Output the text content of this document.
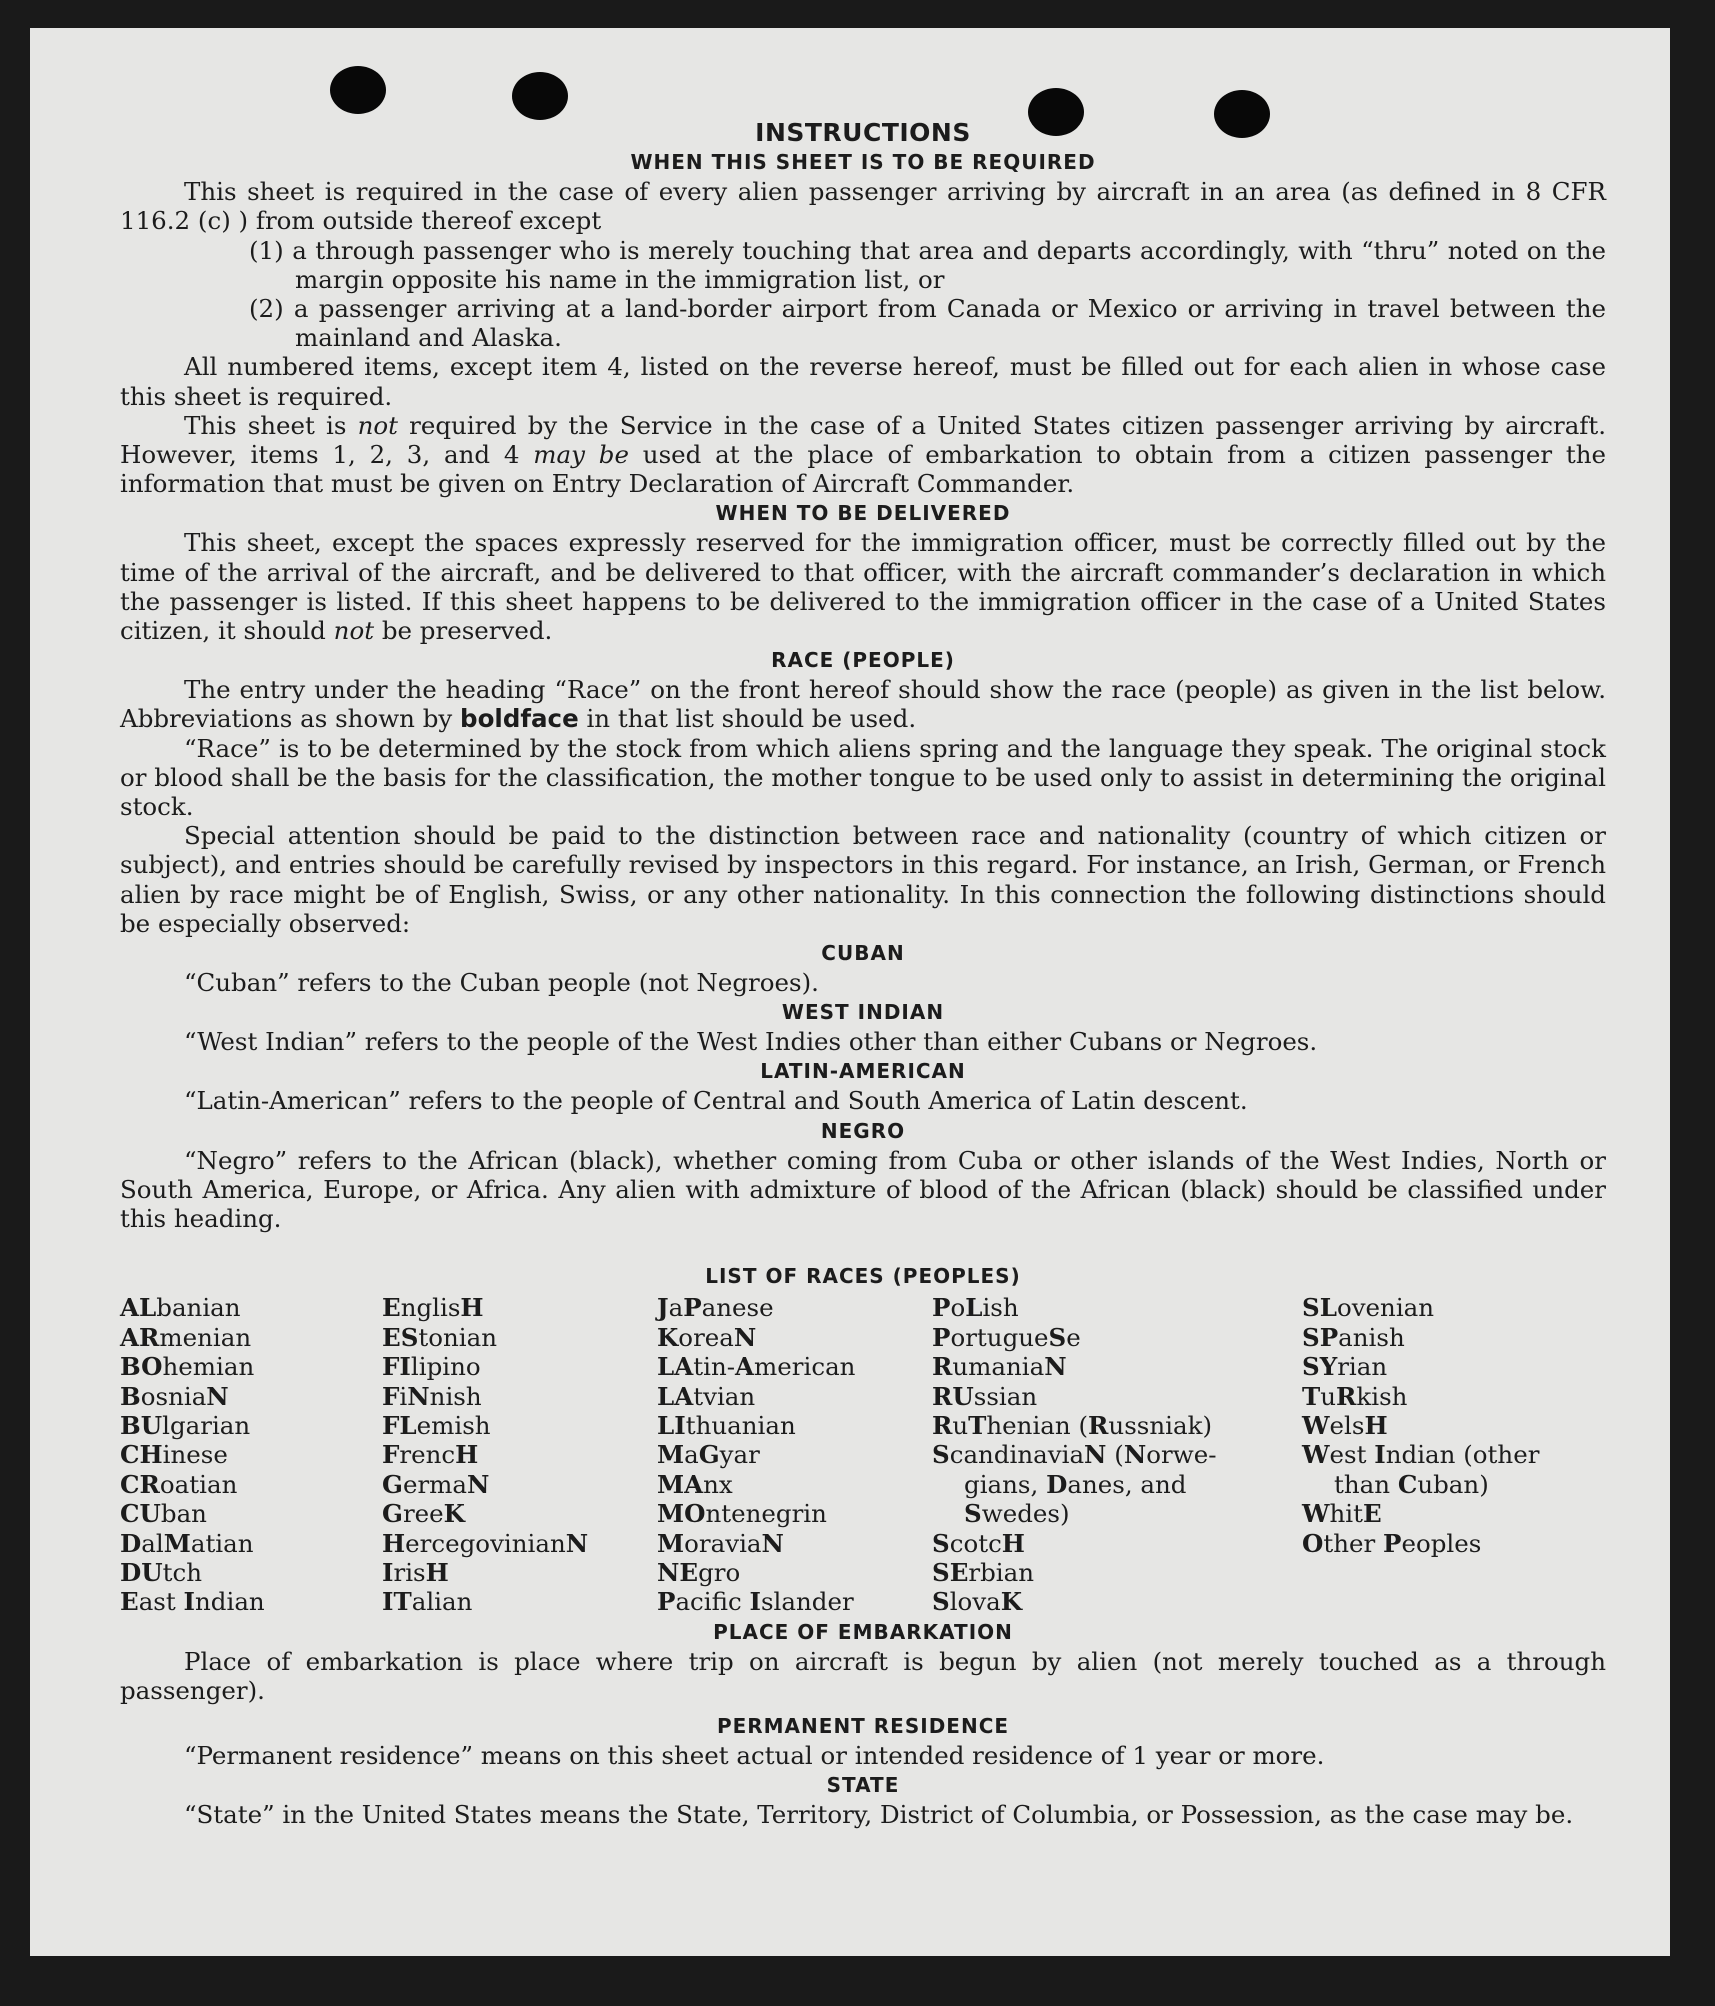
INSTRUCTIONS
WHEN THIS SHEET IS TO BE REQUIRED

This sheet is required in the case of every alien passenger arriving by aircraft in an area (as defined in 8 CFR 116.2 (c) ) from outside thereof except

(1) a through passenger who is merely touching that area and departs accordingly, with “thru” noted on the margin opposite his name in the immigration list, or

(2) a passenger arriving at a land-border airport from Canada or Mexico or arriving in travel between the mainland and Alaska.

All numbered items, except item 4, listed on the reverse hereof, must be filled out for each alien in whose case this sheet is required.

This sheet is not required by the Service in the case of a United States citizen passenger arriving by aircraft. However, items 1, 2, 3, and 4 may be used at the place of embarkation to obtain from a citizen passenger the information that must be given on Entry Declaration of Aircraft Commander.

WHEN TO BE DELIVERED

This sheet, except the spaces expressly reserved for the immigration officer, must be correctly filled out by the time of the arrival of the aircraft, and be delivered to that officer, with the aircraft commander’s declaration in which the passenger is listed. If this sheet happens to be delivered to the immigration officer in the case of a United States citizen, it should not be preserved.

RACE (PEOPLE)

The entry under the heading “Race” on the front hereof should show the race (people) as given in the list below. Abbreviations as shown by boldface in that list should be used.

“Race” is to be determined by the stock from which aliens spring and the language they speak. The original stock or blood shall be the basis for the classification, the mother tongue to be used only to assist in determining the original stock.

Special attention should be paid to the distinction between race and nationality (country of which citizen or subject), and entries should be carefully revised by inspectors in this regard. For instance, an Irish, German, or French alien by race might be of English, Swiss, or any other nationality. In this connection the following distinctions should be especially observed:

CUBAN

“Cuban” refers to the Cuban people (not Negroes).

WEST INDIAN

“West Indian” refers to the people of the West Indies other than either Cubans or Negroes.

LATIN-AMERICAN

“Latin-American” refers to the people of Central and South America of Latin descent.

NEGRO

“Negro” refers to the African (black), whether coming from Cuba or other islands of the West Indies, North or South America, Europe, or Africa. Any alien with admixture of blood of the African (black) should be classified under this heading.

LIST OF RACES (PEOPLES)
ALbanian
ARmenian
BOhemian
BosniaN
BUlgarian
CHinese
CRoatian
CUban
DalMatian
DUtch
East Indian
EnglisH
EStonian
FIlipino
FiNnish
FLemish
FrencH
GermaN
GreeK
HercegovinianN
IrisH
ITalian
JaPanese
KoreaN
LAtin-American
LAtvian
LIthuanian
MaGyar
MAnx
MOntenegrin
MoraviaN
NEgro
Pacifc Islander
PoLish
PortugueSe
RumaniaN
RUssian
RuThenian (Russniak)
ScandinaviaN (Norwe-
gians, Danes, and
Swedes)
ScotcH
SErbian
SlovaK
SLovenian
SPanish
SYrian
TuRkish
WelsH
West Indian (other
than Cuban)
WhitE
Other Peoples
PLACE OF EMBARKATION

Place of embarkation is place where trip on aircraft is begun by alien (not merely touched as a through passenger).

PERMANENT RESIDENCE

“Permanent residence” means on this sheet actual or intended residence of 1 year or more.

STATE

“State” in the United States means the State, Territory, District of Columbia, or Possession, as the case may be.
